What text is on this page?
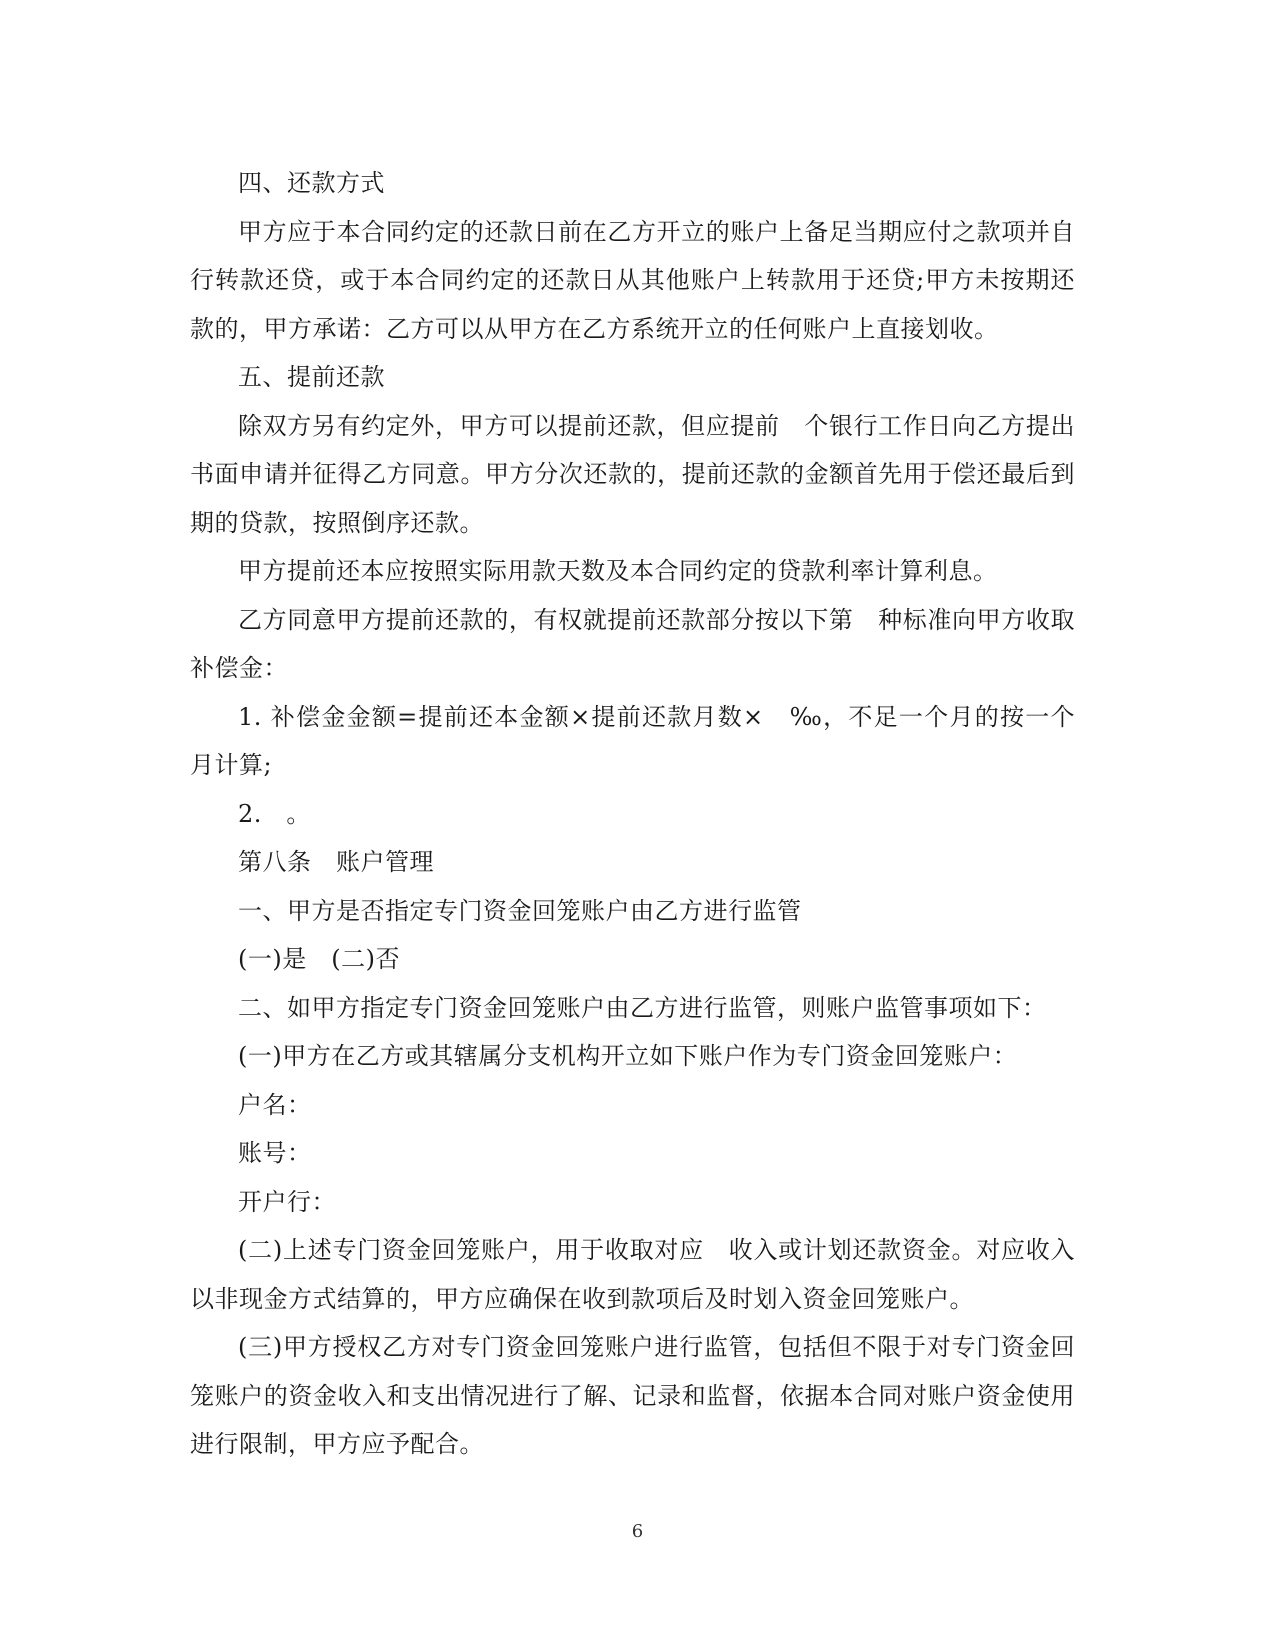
四、还款方式

甲方应于本合同约定的还款日前在乙方开立的账户上备足当期应付之款项并自行转款还贷，或于本合同约定的还款日从其他账户上转款用于还贷;甲方未按期还款的，甲方承诺：乙方可以从甲方在乙方系统开立的任何账户上直接划收。

五、提前还款

除双方另有约定外，甲方可以提前还款，但应提前　个银行工作日向乙方提出书面申请并征得乙方同意。甲方分次还款的，提前还款的金额首先用于偿还最后到期的贷款，按照倒序还款。

甲方提前还本应按照实际用款天数及本合同约定的贷款利率计算利息。

乙方同意甲方提前还款的，有权就提前还款部分按以下第　种标准向甲方收取补偿金：

1. 补偿金金额=提前还本金额×提前还款月数×　‰，不足一个月的按一个月计算;

2.　。

第八条　账户管理

一、甲方是否指定专门资金回笼账户由乙方进行监管

(一)是　(二)否

二、如甲方指定专门资金回笼账户由乙方进行监管，则账户监管事项如下：

(一)甲方在乙方或其辖属分支机构开立如下账户作为专门资金回笼账户：

户名：

账号：

开户行：

(二)上述专门资金回笼账户，用于收取对应　收入或计划还款资金。对应收入以非现金方式结算的，甲方应确保在收到款项后及时划入资金回笼账户。

(三)甲方授权乙方对专门资金回笼账户进行监管，包括但不限于对专门资金回笼账户的资金收入和支出情况进行了解、记录和监督，依据本合同对账户资金使用进行限制，甲方应予配合。

6
